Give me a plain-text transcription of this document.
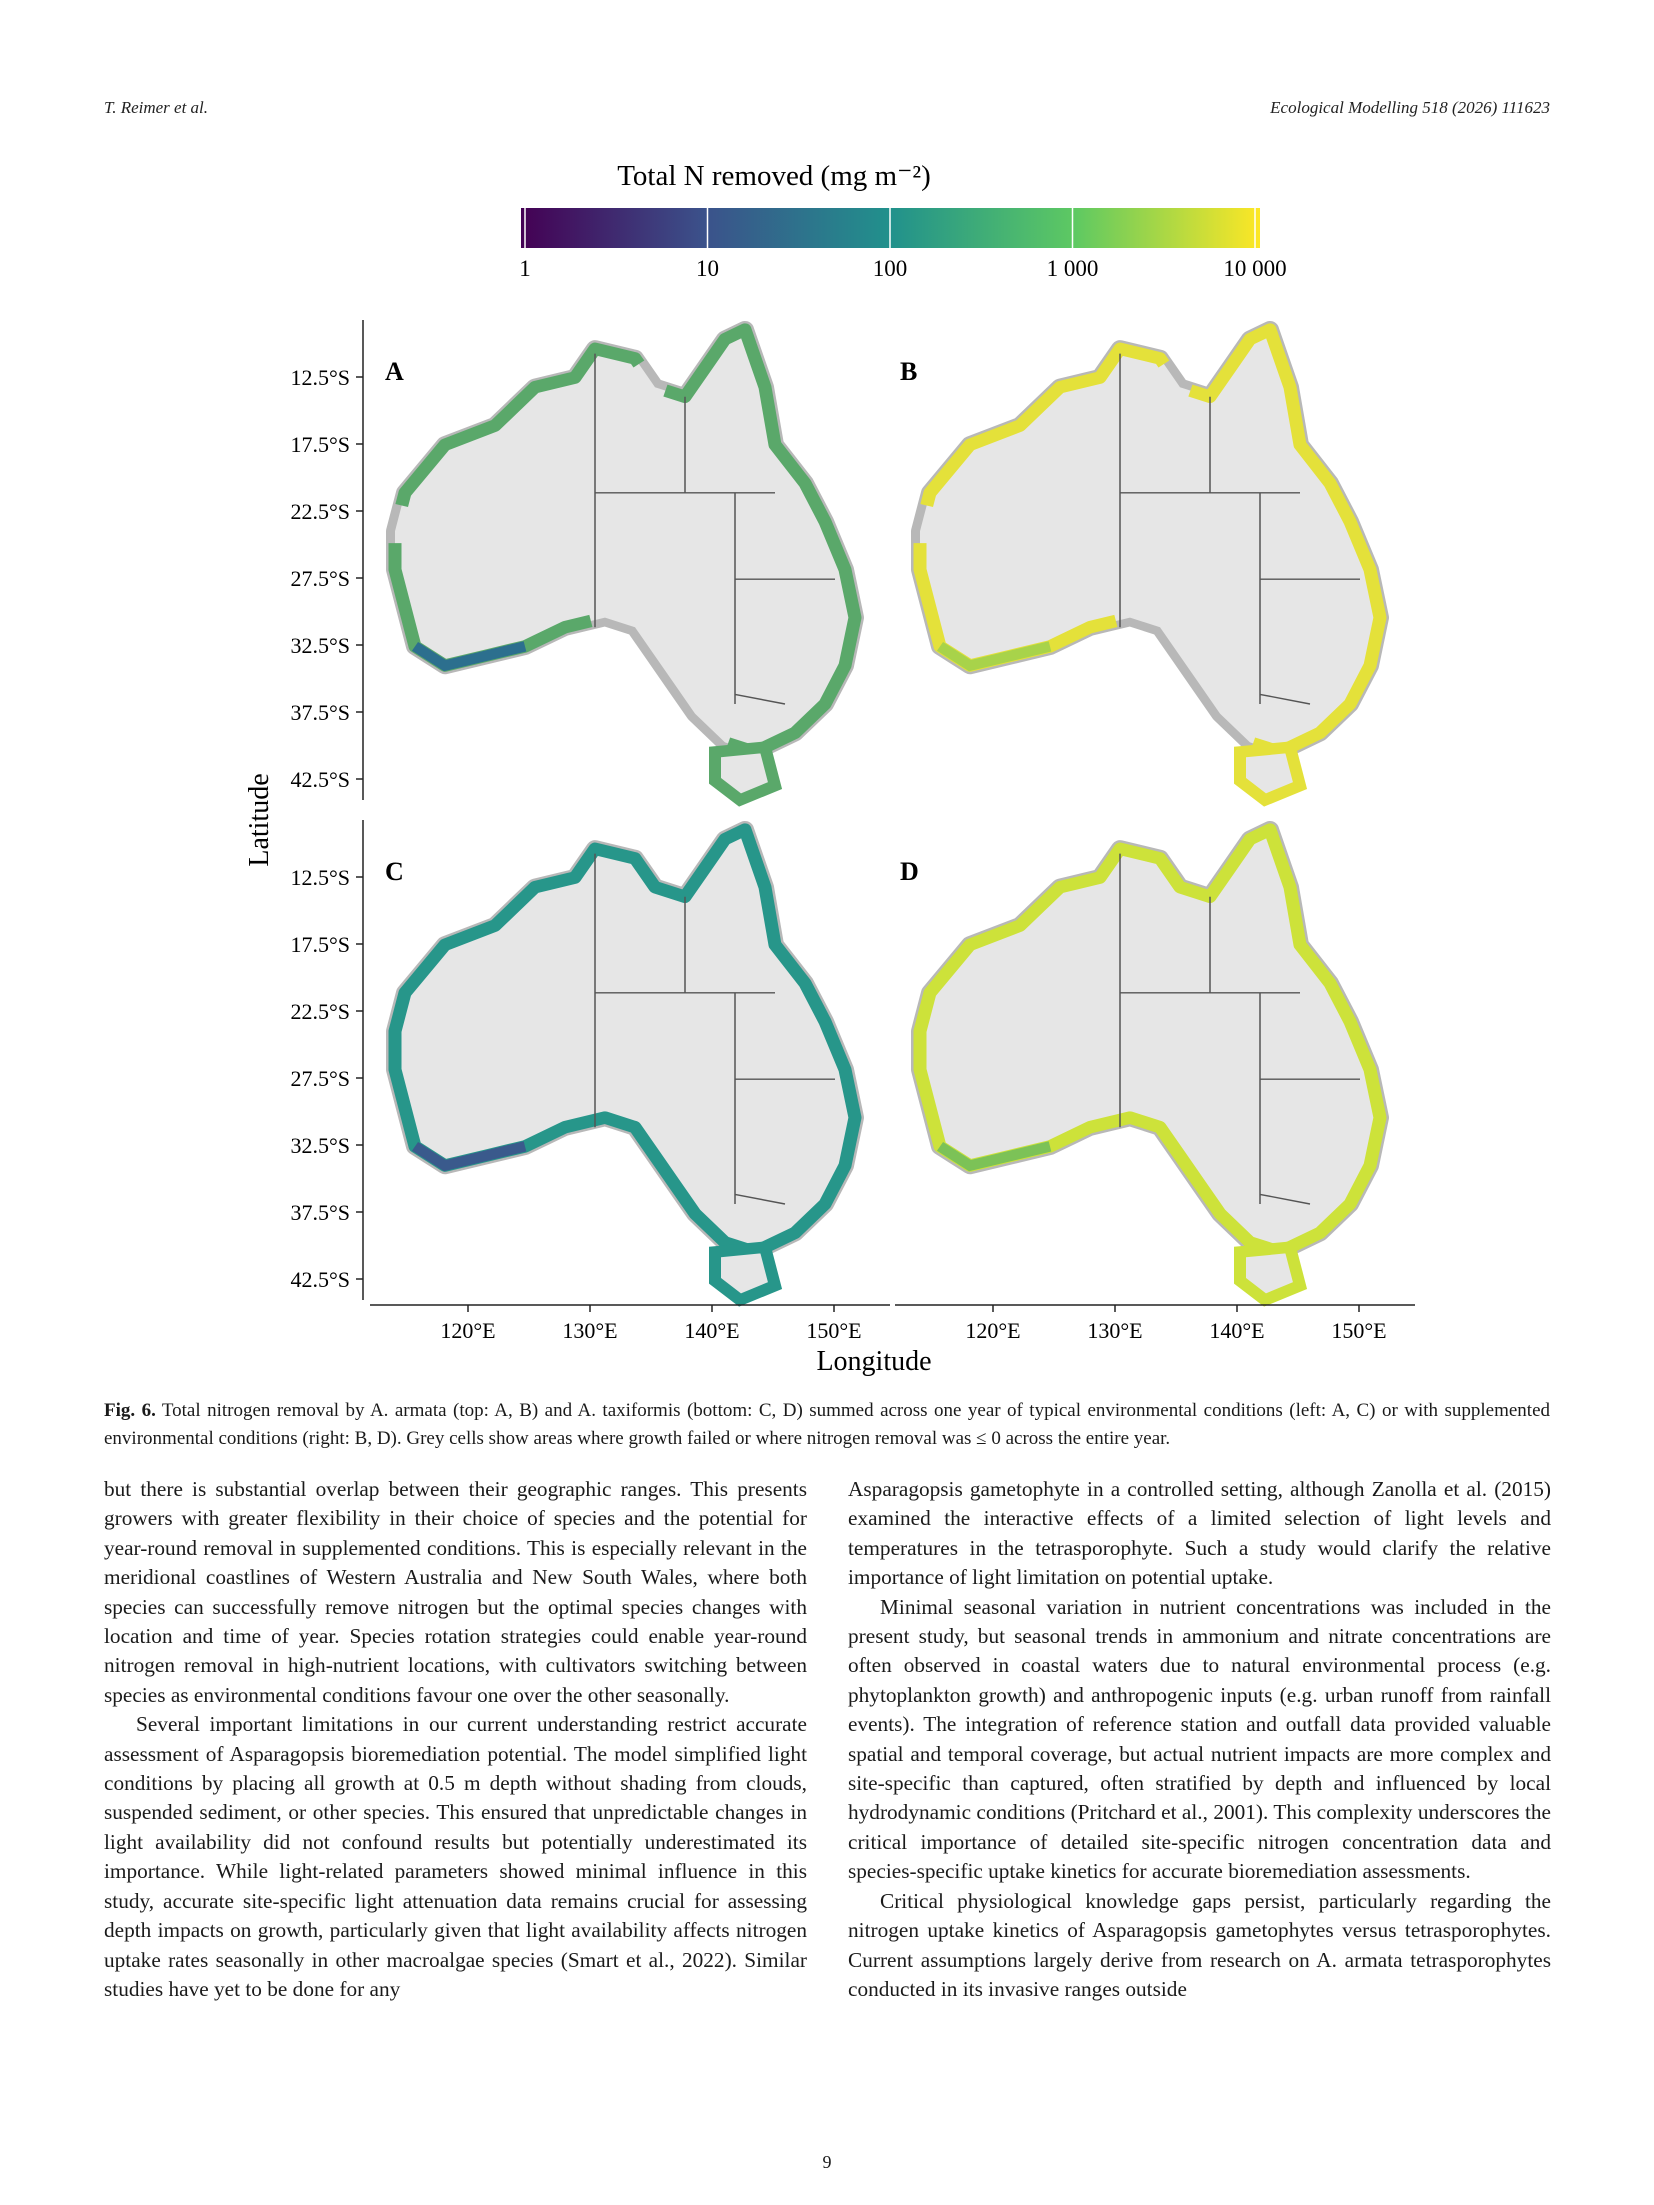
T. Reimer et al.	Ecological Modelling 518 (2026) 111623
Total N removed (mg m⁻²)
1	10	100	1 000	10 000
A	B
C	D
12.5°S
17.5°S
22.5°S
27.5°S
32.5°S
37.5°S
42.5°S
12.5°S
17.5°S
22.5°S
27.5°S
32.5°S
37.5°S
42.5°S
120°E	130°E	140°E	150°E	120°E	130°E	140°E	150°E
Latitude
Longitude
Fig. 6. Total nitrogen removal by A. armata (top: A, B) and A. taxiformis (bottom: C, D) summed across one year of typical environmental conditions (left: A, C) or with supplemented environmental conditions (right: B, D). Grey cells show areas where growth failed or where nitrogen removal was ≤ 0 across the entire year.

but there is substantial overlap between their geographic ranges. This presents growers with greater flexibility in their choice of species and the potential for year-round removal in supplemented conditions. This is especially relevant in the meridional coastlines of Western Australia and New South Wales, where both species can successfully remove nitrogen but the optimal species changes with location and time of year. Species rotation strategies could enable year-round nitrogen removal in high-nutrient locations, with cultivators switching between species as environmental conditions favour one over the other seasonally.

Several important limitations in our current understanding restrict accurate assessment of Asparagopsis bioremediation potential. The model simplified light conditions by placing all growth at 0.5 m depth without shading from clouds, suspended sediment, or other species. This ensured that unpredictable changes in light availability did not confound results but potentially underestimated its importance. While light-related parameters showed minimal influence in this study, accurate site-specific light attenuation data remains crucial for assessing depth impacts on growth, particularly given that light availability affects nitrogen uptake rates seasonally in other macroalgae species (Smart et al., 2022). Similar studies have yet to be done for any

Asparagopsis gametophyte in a controlled setting, although Zanolla et al. (2015) examined the interactive effects of a limited selection of light levels and temperatures in the tetrasporophyte. Such a study would clarify the relative importance of light limitation on potential uptake.

Minimal seasonal variation in nutrient concentrations was included in the present study, but seasonal trends in ammonium and nitrate concentrations are often observed in coastal waters due to natural environmental process (e.g. phytoplankton growth) and anthropogenic inputs (e.g. urban runoff from rainfall events). The integration of reference station and outfall data provided valuable spatial and temporal coverage, but actual nutrient impacts are more complex and site-specific than captured, often stratified by depth and influenced by local hydrodynamic conditions (Pritchard et al., 2001). This complexity underscores the critical importance of detailed site-specific nitrogen concentration data and species-specific uptake kinetics for accurate bioremediation assessments.

Critical physiological knowledge gaps persist, particularly regarding the nitrogen uptake kinetics of Asparagopsis gametophytes versus tetrasporophytes. Current assumptions largely derive from research on A. armata tetrasporophytes conducted in its invasive ranges outside

9
